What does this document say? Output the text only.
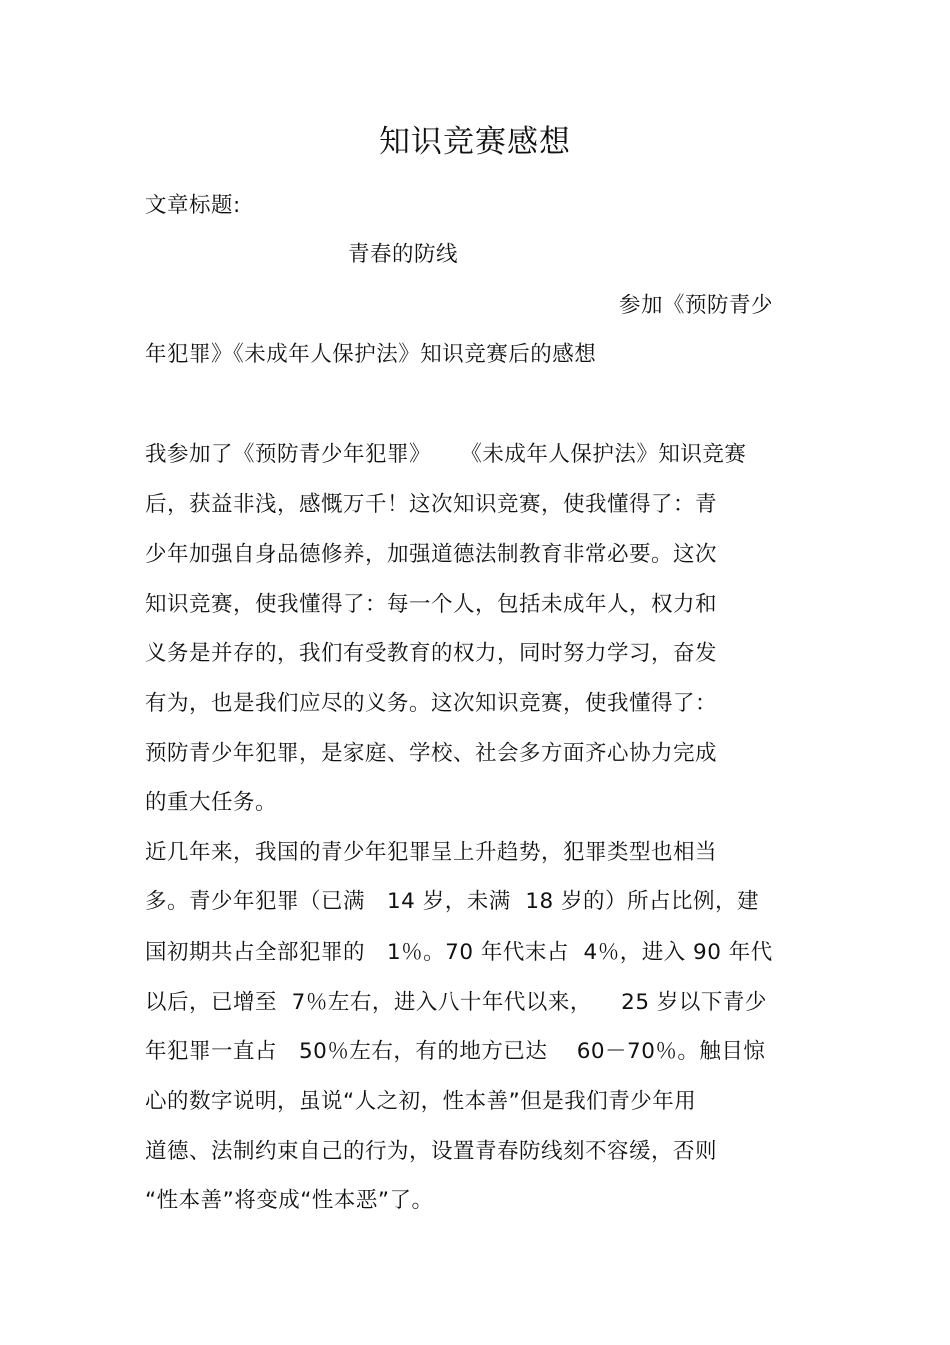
知识竞赛感想
文章标题:
青春的防线
参加《预防青少
年犯罪》《未成年人保护法》知识竞赛后的感想
我参加了《预防青少年犯罪》    《未成年人保护法》知识竞赛
后，获益非浅，感慨万千！这次知识竞赛，使我懂得了：青
少年加强自身品德修养，加强道德法制教育非常必要。这次
知识竞赛，使我懂得了：每一个人，包括未成年人，权力和
义务是并存的，我们有受教育的权力，同时努力学习，奋发
有为，也是我们应尽的义务。这次知识竞赛，使我懂得了：
预防青少年犯罪，是家庭、学校、社会多方面齐心协力完成
的重大任务。
近几年来，我国的青少年犯罪呈上升趋势，犯罪类型也相当
多。青少年犯罪（已满   14 岁，未满  18 岁的）所占比例，建
国初期共占全部犯罪的   1％。70 年代末占  4％，进入 90 年代
以后，已增至  7％左右，进入八十年代以来，    25 岁以下青少
年犯罪一直占   50％左右，有的地方已达    60－70％。触目惊
心的数字说明，虽说“人之初，性本善”但是我们青少年用
道德、法制约束自己的行为，设置青春防线刻不容缓，否则
“性本善”将变成“性本恶”了。
